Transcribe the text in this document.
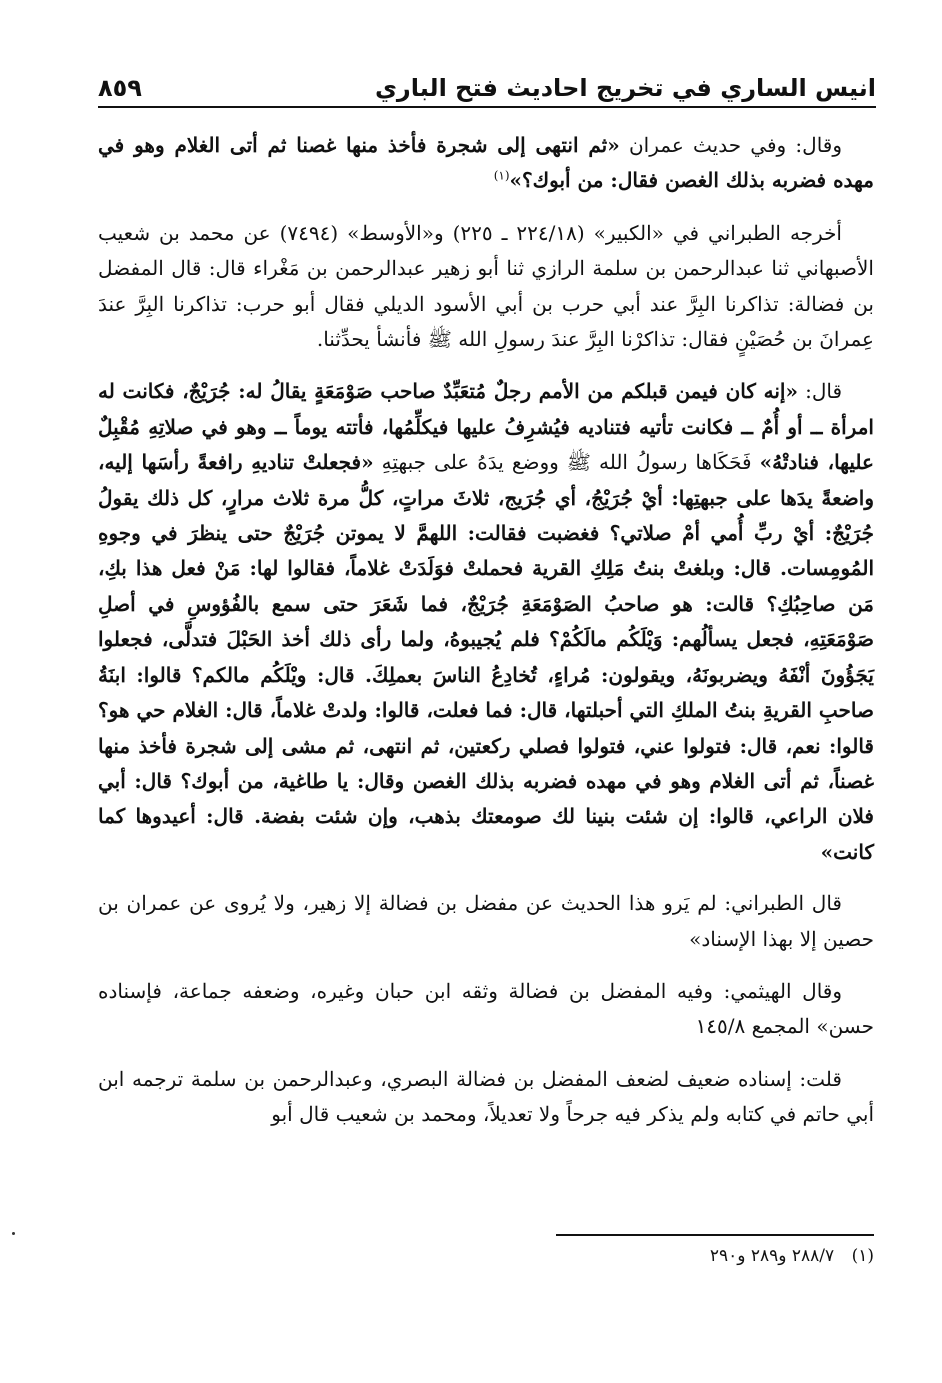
انيس الساري في تخريج احاديث فتح الباري
٨٥٩

وقال: وفي حديث عمران «ثم انتهى إلى شجرة فأخذ منها غصنا ثم أتى الغلام وهو في مهده فضربه بذلك الغصن فقال: من أبوك؟»$^{(١)}$

أخرجه الطبراني في «الكبير» (٢٢٤/١٨ ـ ٢٢٥) و«الأوسط» (٧٤٩٤) عن محمد بن شعيب الأصبهاني ثنا عبدالرحمن بن سلمة الرازي ثنا أبو زهير عبدالرحمن بن مَغْراء قال: قال المفضل بن فضالة: تذاكرنا البِرَّ عند أبي حرب بن أبي الأسود الديلي فقال أبو حرب: تذاكرنا البِرَّ عندَ عِمرانَ بن حُصَيْنٍ فقال: تذاكرْنا البِرَّ عندَ رسولِ الله ﷺ فأنشأ يحدِّثنا.

قال: «إنه كان فيمن قبلكم من الأمم رجلٌ مُتعَبِّدٌ صاحب صَوْمَعَةٍ يقالُ له: جُرَيْجٌ، فكانت له امرأة ــ أو أُمٌ ــ فكانت تأتيه فتناديه فيُشرِفُ عليها فيكلِّمُها، فأتته يوماً ــ وهو في صلاتِهِ مُقْبِلٌ عليها، فنادتْهُ» فَحَكَاها رسولُ الله ﷺ ووضع يدَهُ على جبهتِهِ «فجعلتْ تناديهِ رافعةً رأسَها إليه، واضعةً يدَها على جبهتِها: أيْ جُرَيْجُ، أي جُرَيج، ثلاثَ مراتٍ، كلُّ مرة ثلاث مرارٍ، كل ذلك يقولُ جُرَيْجٌ: أيْ ربِّ أُمي أمْ صلاتي؟ فغضبت فقالت: اللهمَّ لا يموتن جُرَيْجٌ حتى ينظرَ في وجوهِ المُومِسات. قال: وبلغتْ بنتُ مَلِكِ القرية فحملتْ فوَلَدَتْ غلاماً، فقالوا لها: مَنْ فعل هذا بكِ، مَن صاحِبُكِ؟ قالت: هو صاحبُ الصَوْمَعَةِ جُرَيْجٌ، فما شَعَرَ حتى سمع بالفُؤوسِ في أصلِ صَوْمَعَتِهِ، فجعل يسألُهم: وَيْلَكُم مالَكُمْ؟ فلم يُجيبوهُ، ولما رأى ذلك أخذ الحَبْلَ فتدلَّى، فجعلوا يَجَؤُونَ أنْفَهُ ويضربونَهُ، ويقولون: مُراءٍ، تُخادِعُ الناسَ بعملِكَ. قال: ويْلَكُم مالكم؟ قالوا: ابنَةُ صاحبِ القريةِ بنتُ الملكِ التي أحبلتها، قال: فما فعلت، قالوا: ولدتْ غلاماً، قال: الغلام حي هو؟ قالوا: نعم، قال: فتولوا عني، فتولوا فصلي ركعتين، ثم انتهى، ثم مشى إلى شجرة فأخذ منها غصناً، ثم أتى الغلام وهو في مهده فضربه بذلك الغصن وقال: يا طاغية، من أبوك؟ قال: أبي فلان الراعي، قالوا: إن شئت بنينا لك صومعتك بذهب، وإن شئت بفضة. قال: أعيدوها كما كانت»

قال الطبراني: لم يَرو هذا الحديث عن مفضل بن فضالة إلا زهير، ولا يُروى عن عمران بن حصين إلا بهذا الإسناد»

وقال الهيثمي: وفيه المفضل بن فضالة وثقه ابن حبان وغيره، وضعفه جماعة، فإسناده حسن» المجمع ١٤٥/٨

قلت: إسناده ضعيف لضعف المفضل بن فضالة البصري، وعبدالرحمن بن سلمة ترجمه ابن أبي حاتم في كتابه ولم يذكر فيه جرحاً ولا تعديلاً، ومحمد بن شعيب قال أبو

(١) ٢٨٨/٧ و٢٨٩ و٢٩٠
